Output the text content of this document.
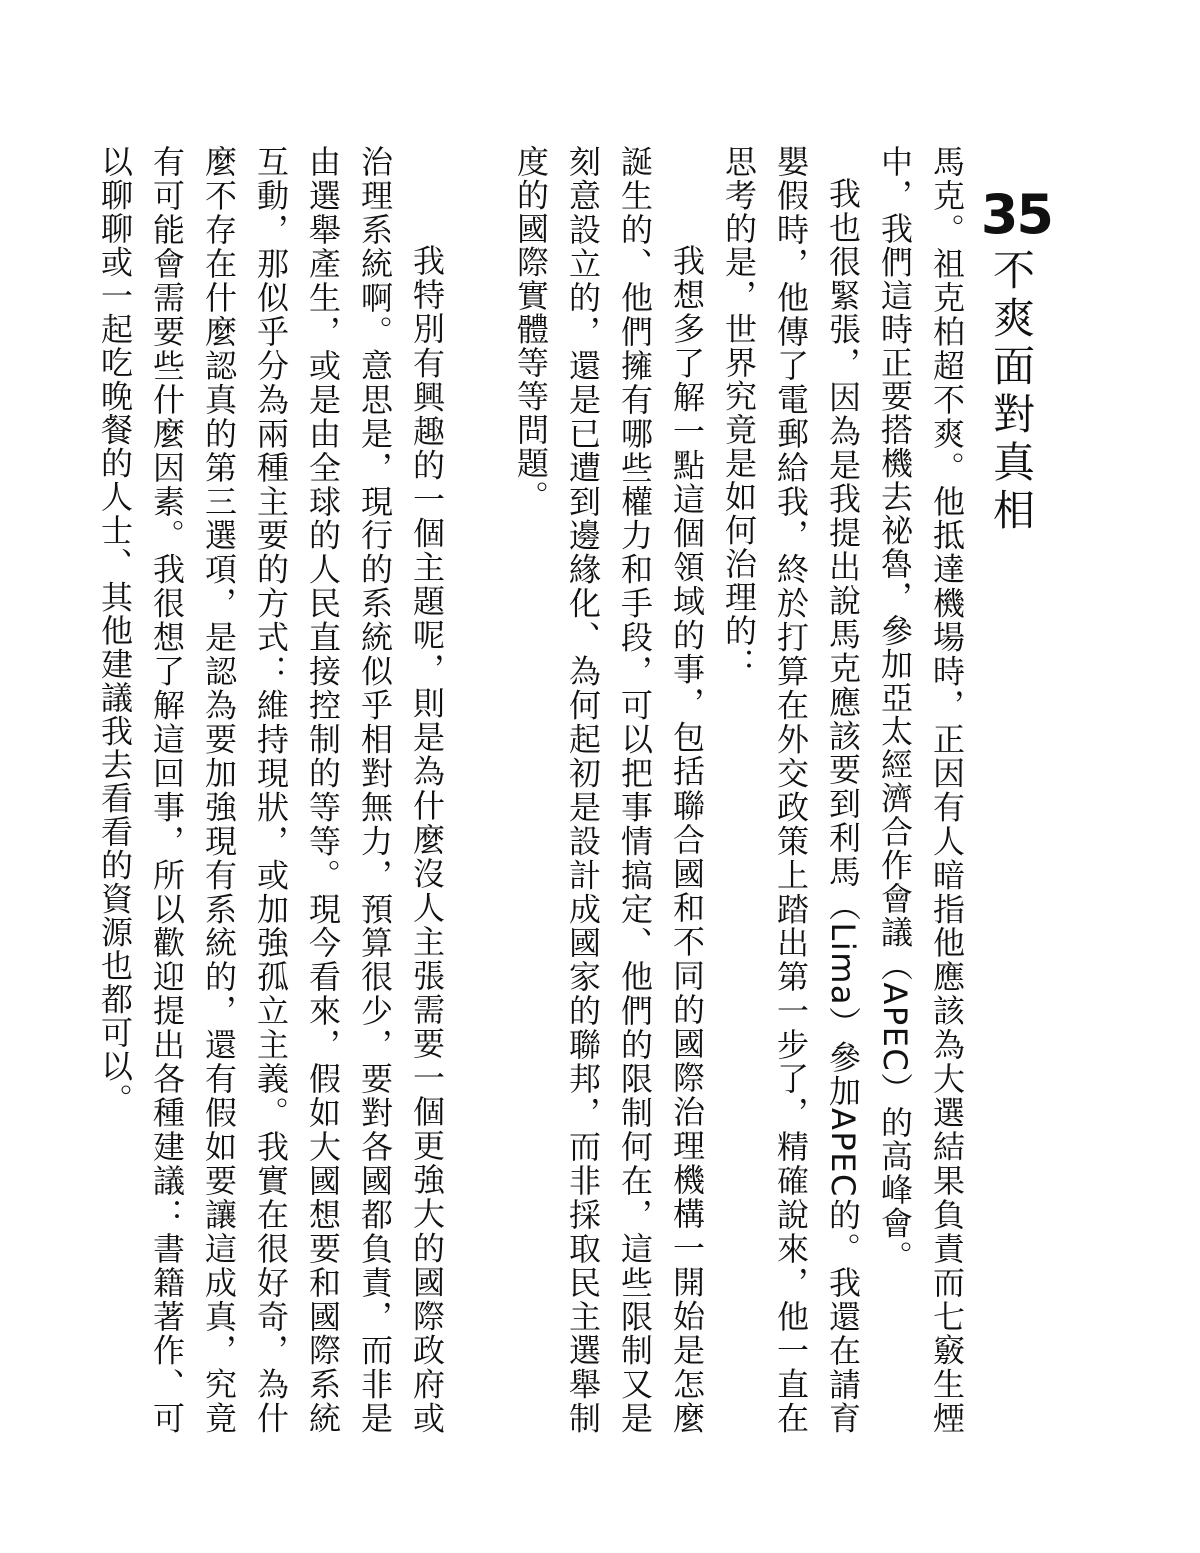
35
不爽面對真相

馬克。祖克柏超不爽。他抵達機場時，正因有人暗指他應該為大選結果負責而七竅生煙中，我們這時正要搭機去祕魯，參加亞太經濟合作會議（APEC）的高峰會。

我也很緊張，因為是我提出說馬克應該要到利馬（Lima）參加APEC的。我還在請育嬰假時，他傳了電郵給我，終於打算在外交政策上踏出第一步了，精確說來，他一直在思考的是，世界究竟是如何治理的：

我想多了解一點這個領域的事，包括聯合國和不同的國際治理機構一開始是怎麼誕生的、他們擁有哪些權力和手段，可以把事情搞定、他們的限制何在，這些限制又是刻意設立的，還是已遭到邊緣化、為何起初是設計成國家的聯邦，而非採取民主選舉制度的國際實體等等問題。

我特別有興趣的一個主題呢，則是為什麼沒人主張需要一個更強大的國際政府或治理系統啊。意思是，現行的系統似乎相對無力，預算很少，要對各國都負責，而非是由選舉產生，或是由全球的人民直接控制的等等。現今看來，假如大國想要和國際系統互動，那似乎分為兩種主要的方式：維持現狀，或加強孤立主義。我實在很好奇，為什麼不存在什麼認真的第三選項，是認為要加強現有系統的，還有假如要讓這成真，究竟有可能會需要些什麼因素。我很想了解這回事，所以歡迎提出各種建議：書籍著作、可以聊聊或一起吃晚餐的人士、其他建議我去看看的資源也都可以。
